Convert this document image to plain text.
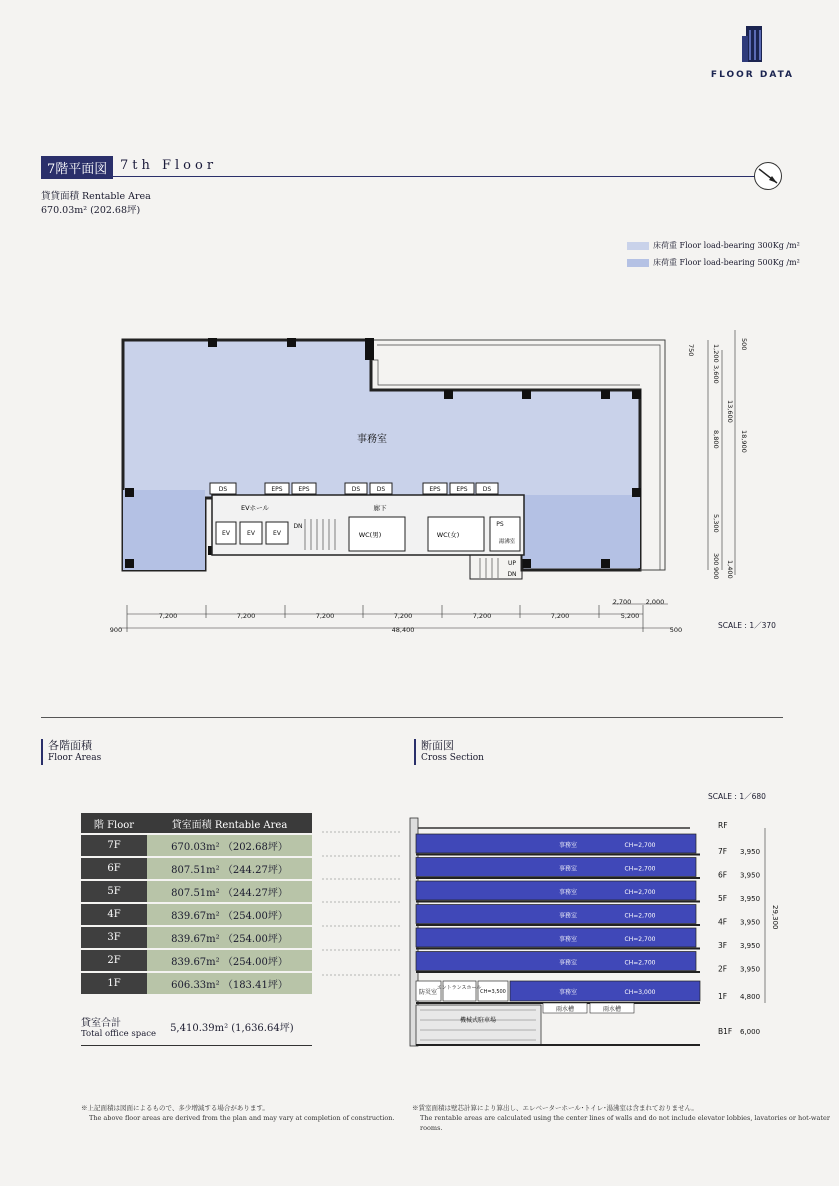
FLOOR DATA
7階平面図 7th Floor
貸貸面積 Rentable Area
670.03m² (202.68坪)
床荷重 Floor load-bearing 300Kg /m²
床荷重 Floor load-bearing 500Kg /m²
事務室
EVホール	廊下
WC(男)	WC(女)
湯沸室
DS	EPS	EPS	DS	DS	EPS	EPS	DS
EV	EV	EV
DN	PS
UP
DN
7,200	7,200	7,200	7,200	7,200	7,200	5,200
48,400
900	500
2,700 2,000
500
750	1,200
3,600
13,600
8,800	18,900
5,300
300
900 1,400
SCALE : 1／370
各階面積
Floor Areas
階 Floor	貸室面積 Rentable Area
7F	670.03m² （202.68坪）
6F	807.51m² （244.27坪）
5F	807.51m² （244.27坪）
4F	839.67m² （254.00坪）
3F	839.67m² （254.00坪）
2F	839.67m² （254.00坪）
1F	606.33m² （183.41坪）
貸室合計
Total office space 5,410.39m² (1,636.64坪)
※上記面積は図面によるもので、多少増減する場合があります。
The above floor areas are derived from the plan and may vary at completion of construction.
断面図
Cross Section
SCALE : 1／680
事務室	CH=2,700
7F 3,950
事務室	CH=2,700
6F 3,950
事務室	CH=2,700
5F 3,950
事務室	CH=2,700
4F 3,950
事務室	CH=2,700
3F 3,950
事務室	CH=2,700
2F 3,950
防災室
エントランスホール
CH=3,500	事務室	CH=3,000
雨水槽	雨水槽
機械式駐車場
RF
B1F 6,000
1F 4,800
29,300
※賃室面積は壁芯計算により算出し、エレベーターホール･トイレ･湯沸室は含まれておりません。
The rentable areas are calculated using the center lines of walls and do not include elevator lobbies, lavatories or hot-water rooms.
